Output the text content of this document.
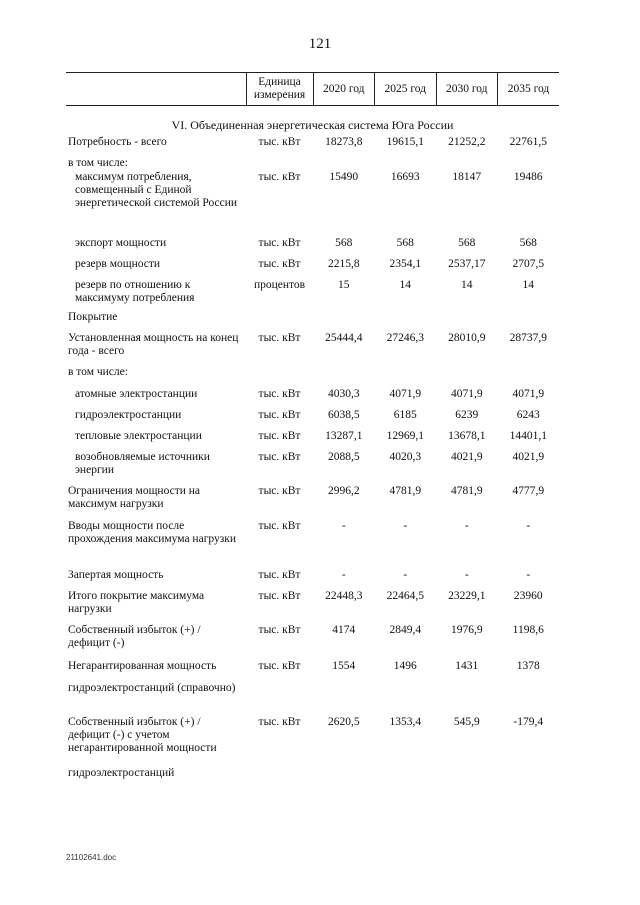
121
	Единица измерения	2020 год	2025 год	2030 год	2035 год
VI. Объединенная энергетическая система Юга России					
Потребность - всего	тыс. кВт	18273,8	19615,1	21252,2	22761,5
в том числе:					
максимум потребления, совмещенный с Единой энергетической системой России	тыс. кВт	15490	16693	18147	19486
экспорт мощности	тыс. кВт	568	568	568	568
резерв мощности	тыс. кВт	2215,8	2354,1	2537,17	2707,5
резерв по отношению к максимуму потребления	процентов	15	14	14	14
Покрытие					
Установленная мощность на конец года - всего	тыс. кВт	25444,4	27246,3	28010,9	28737,9
в том числе:					
атомные электростанции	тыс. кВт	4030,3	4071,9	4071,9	4071,9
гидроэлектростанции	тыс. кВт	6038,5	6185	6239	6243
тепловые электростанции	тыс. кВт	13287,1	12969,1	13678,1	14401,1
возобновляемые источники энергии	тыс. кВт	2088,5	4020,3	4021,9	4021,9
Ограничения мощности на максимум нагрузки	тыс. кВт	2996,2	4781,9	4781,9	4777,9
Вводы мощности после прохождения максимума нагрузки	тыс. кВт	-	-	-	-
Запертая мощность	тыс. кВт	-	-	-	-
Итого покрытие максимума нагрузки	тыс. кВт	22448,3	22464,5	23229,1	23960
Собственный избыток (+) / дефицит (-)	тыс. кВт	4174	2849,4	1976,9	1198,6
Негарантированная мощность	тыс. кВт	1554	1496	1431	1378
гидроэлектростанций (справочно)					
Собственный избыток (+) / дефицит (-) с учетом негарантированной мощности	тыс. кВт	2620,5	1353,4	545,9	-179,4
гидроэлектростанций					
21102641.doc
